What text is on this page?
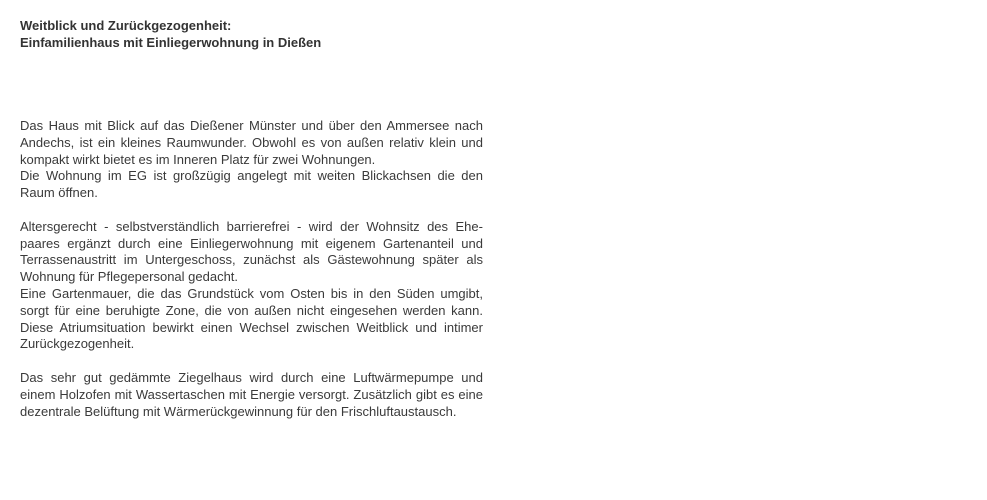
Weitblick und Zurückgezogenheit:
Einfamilienhaus mit Einliegerwohnung in Dießen

Das Haus mit Blick auf das Dießener Münster und über den Ammersee nach Andechs, ist ein kleines Raumwunder. Obwohl es von außen relativ klein und kompakt wirkt bietet es im Inneren Platz für zwei Wohnungen.

Die Wohnung im EG ist großzügig angelegt mit weiten Blickachsen die den Raum öffnen.

Altersgerecht - selbstverständlich barrierefrei - wird der Wohnsitz des Ehepaares ergänzt durch eine Einliegerwohnung mit eigenem Gartenanteil und Terrassenaustritt im Untergeschoss, zunächst als Gästewohnung später als Wohnung für Pflegepersonal gedacht.

Eine Gartenmauer, die das Grundstück vom Osten bis in den Süden umgibt, sorgt für eine beruhigte Zone, die von außen nicht eingesehen werden kann. Diese Atriumsituation bewirkt einen Wechsel zwischen Weitblick und intimer Zurückgezogenheit.

Das sehr gut gedämmte Ziegelhaus wird durch eine Luftwärmepumpe und einem Holzofen mit Wassertaschen mit Energie versorgt. Zusätzlich gibt es eine dezentrale Belüftung mit Wärmerückgewinnung für den Frischluftaustausch.
